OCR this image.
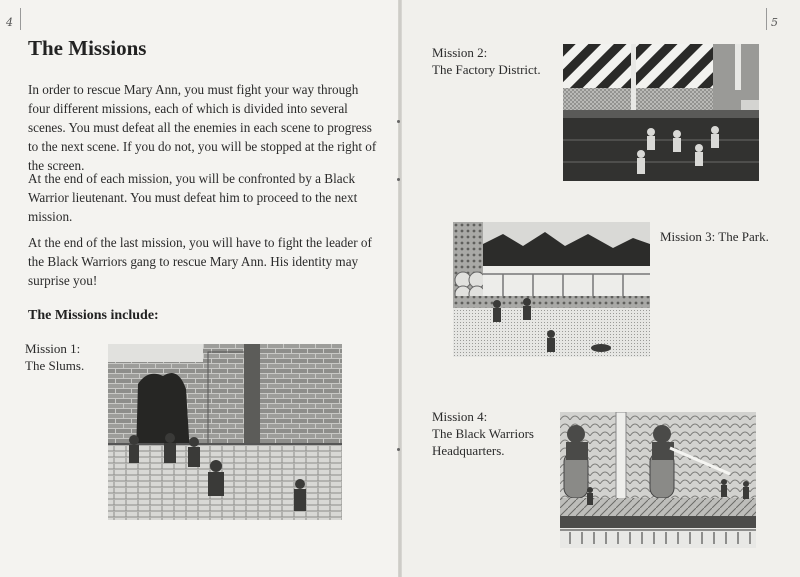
4	5
The Missions

In order to rescue Mary Ann, you must fight your way through four different missions, each of which is divided into several scenes. You must defeat all the enemies in each scene to progress to the next scene. If you do not, you will be stopped at the right of the screen.

At the end of each mission, you will be confronted by a Black Warrior lieutenant. You must defeat him to proceed to the next mission.

At the end of the last mission, you will have to fight the leader of the Black Warriors gang to rescue Mary Ann. His identity may surprise you!

The Missions include:

Mission 1:
The Slums.

Mission 2:
The Factory District.

Mission 3: The Park.

Mission 4:
The Black Warriors
Headquarters.
